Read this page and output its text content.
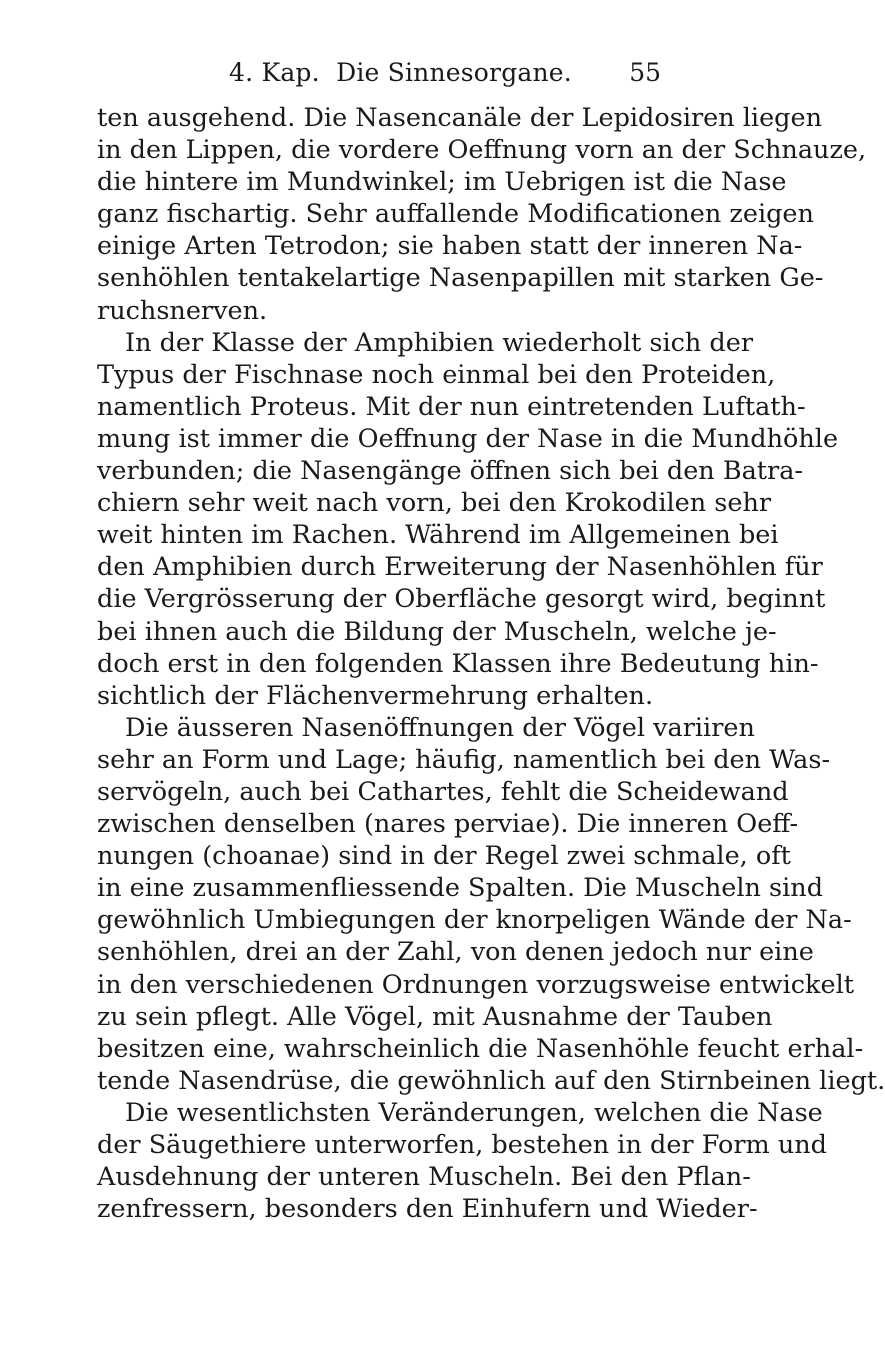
4. Kap. Die Sinnesorgane. 55
ten ausgehend. Die Nasencanäle der Lepidosiren liegen
in den Lippen, die vordere Oeffnung vorn an der Schnauze,
die hintere im Mundwinkel; im Uebrigen ist die Nase
ganz fischartig. Sehr auffallende Modificationen zeigen
einige Arten Tetrodon; sie haben statt der inneren Na-
senhöhlen tentakelartige Nasenpapillen mit starken Ge-
ruchsnerven.
In der Klasse der Amphibien wiederholt sich der
Typus der Fischnase noch einmal bei den Proteiden,
namentlich Proteus. Mit der nun eintretenden Luftath-
mung ist immer die Oeffnung der Nase in die Mundhöhle
verbunden; die Nasengänge öffnen sich bei den Batra-
chiern sehr weit nach vorn, bei den Krokodilen sehr
weit hinten im Rachen. Während im Allgemeinen bei
den Amphibien durch Erweiterung der Nasenhöhlen für
die Vergrösserung der Oberfläche gesorgt wird, beginnt
bei ihnen auch die Bildung der Muscheln, welche je-
doch erst in den folgenden Klassen ihre Bedeutung hin-
sichtlich der Flächenvermehrung erhalten.
Die äusseren Nasenöffnungen der Vögel variiren
sehr an Form und Lage; häufig, namentlich bei den Was-
servögeln, auch bei Cathartes, fehlt die Scheidewand
zwischen denselben (nares perviae). Die inneren Oeff-
nungen (choanae) sind in der Regel zwei schmale, oft
in eine zusammenfliessende Spalten. Die Muscheln sind
gewöhnlich Umbiegungen der knorpeligen Wände der Na-
senhöhlen, drei an der Zahl, von denen jedoch nur eine
in den verschiedenen Ordnungen vorzugsweise entwickelt
zu sein pflegt. Alle Vögel, mit Ausnahme der Tauben
besitzen eine, wahrscheinlich die Nasenhöhle feucht erhal-
tende Nasendrüse, die gewöhnlich auf den Stirnbeinen liegt.
Die wesentlichsten Veränderungen, welchen die Nase
der Säugethiere unterworfen, bestehen in der Form und
Ausdehnung der unteren Muscheln. Bei den Pflan-
zenfressern, besonders den Einhufern und Wieder-
